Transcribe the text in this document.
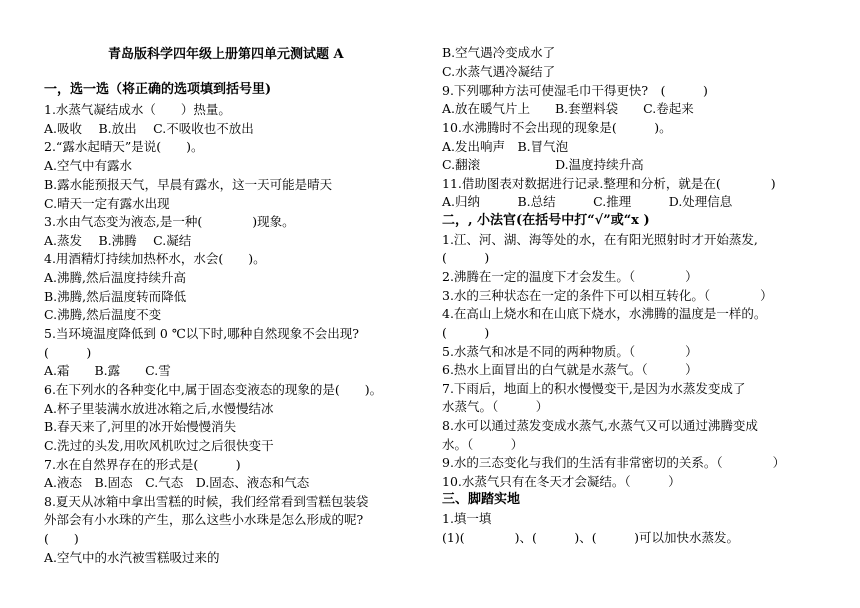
青岛版科学四年级上册第四单元测试题 A
一，选一选（将正确的选项填到括号里)
1.水蒸气凝结成水（　　）热量。
A.吸收　 B.放出　 C.不吸收也不放出
2.“露水起晴天”是说(　　)。
A.空气中有露水
B.露水能预报天气，早晨有露水，这一天可能是晴天
C.晴天一定有露水出现
3.水由气态变为液态,是一种(　　　　)现象。
A.蒸发　 B.沸腾　 C.凝结
4.用酒精灯持续加热杯水，水会(　　)。
A.沸腾,然后温度持续升高
B.沸腾,然后温度转而降低
C.沸腾,然后温度不变
5.当环境温度降低到 0 ℃以下时,哪种自然现象不会出现?
(　　　)
A.霜　　B.露　　C.雪
6.在下列水的各种变化中,属于固态变液态的现象的是(　　)。
A.杯子里装满水放进冰箱之后,水慢慢结冰
B.春天来了,河里的冰开始慢慢消失
C.洗过的头发,用吹风机吹过之后很快变干
7.水在自然界存在的形式是(　　　)
A.液态　B.固态　C.气态　D.固态、液态和气态
8.夏天从冰箱中拿出雪糕的时候，我们经常看到雪糕包装袋
外部会有小水珠的产生，那么这些小水珠是怎么形成的呢?
(　　)
A.空气中的水汽被雪糕吸过来的
B.空气遇冷变成水了
C.水蒸气遇冷凝结了
9.下列哪种方法可使湿毛巾干得更快?　(　　　)
A.放在暖气片上　　B.套塑料袋　　C.卷起来
10.水沸腾时不会出现的现象是(　　　)。
A.发出响声　B.冒气泡
C.翻滚　　　　　　D.温度持续升高
11.借助图表对数据进行记录.整理和分析，就是在(　　　　)
A.归纳　　　B.总结　　　C.推理　　　D.处理信息
二，, 小法官(在括号中打“√”或“x )
1.江、河、湖、海等处的水，在有阳光照射时才开始蒸发,
(　　　)
2.沸腾在一定的温度下才会发生。（　　　　）
3.水的三种状态在一定的条件下可以相互转化。（　　　　）
4.在高山上烧水和在山底下烧水，水沸腾的温度是一样的。
(　　　)
5.水蒸气和冰是不同的两种物质。（　　　　）
6.热水上面冒出的白气就是水蒸气。（　　　）
7.下雨后，地面上的积水慢慢变干,是因为水蒸发变成了
水蒸气。（　　　）
8.水可以通过蒸发变成水蒸气,水蒸气又可以通过沸腾变成
水。（　　　）
9.水的三态变化与我们的生活有非常密切的关系。（　　　　）
10.水蒸气只有在冬天才会凝结。（　　　）
三、脚踏实地
1.填一填
(1)(　　　　)、(　　　)、(　　　)可以加快水蒸发。
